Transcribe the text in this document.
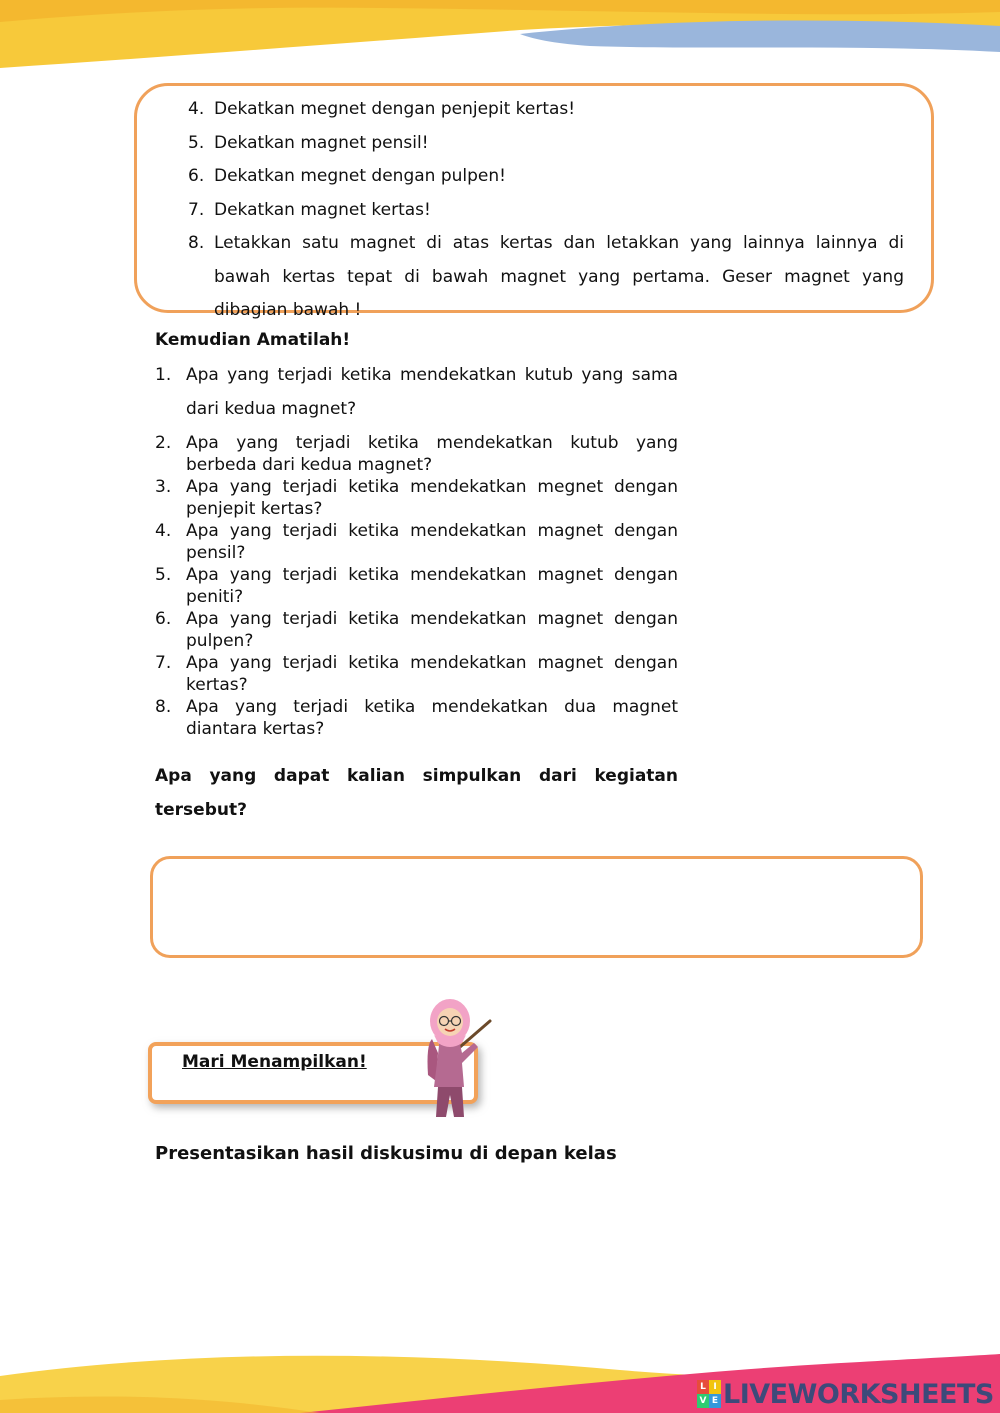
4. Dekatkan megnet dengan penjepit kertas!
5. Dekatkan magnet pensil!
6. Dekatkan megnet dengan pulpen!
7. Dekatkan magnet kertas!
8. Letakkan satu magnet di atas kertas dan letakkan yang lainnya lainnya di bawah kertas tepat di bawah magnet yang pertama. Geser magnet yang dibagian bawah !
Kemudian Amatilah!
1. Apa yang terjadi ketika mendekatkan kutub yang sama dari kedua magnet?
2. Apa yang terjadi ketika mendekatkan kutub yang berbeda dari kedua magnet?
3. Apa yang terjadi ketika mendekatkan megnet dengan penjepit kertas?
4. Apa yang terjadi ketika mendekatkan magnet dengan pensil?
5. Apa yang terjadi ketika mendekatkan magnet dengan peniti?
6. Apa yang terjadi ketika mendekatkan magnet dengan pulpen?
7. Apa yang terjadi ketika mendekatkan magnet dengan kertas?
8. Apa yang terjadi ketika mendekatkan dua magnet diantara kertas?
Apa yang dapat kalian simpulkan dari kegiatan tersebut?
Mari Menampilkan!
Presentasikan hasil diskusimu di depan kelas
L I
V E LIVEWORKSHEETS
